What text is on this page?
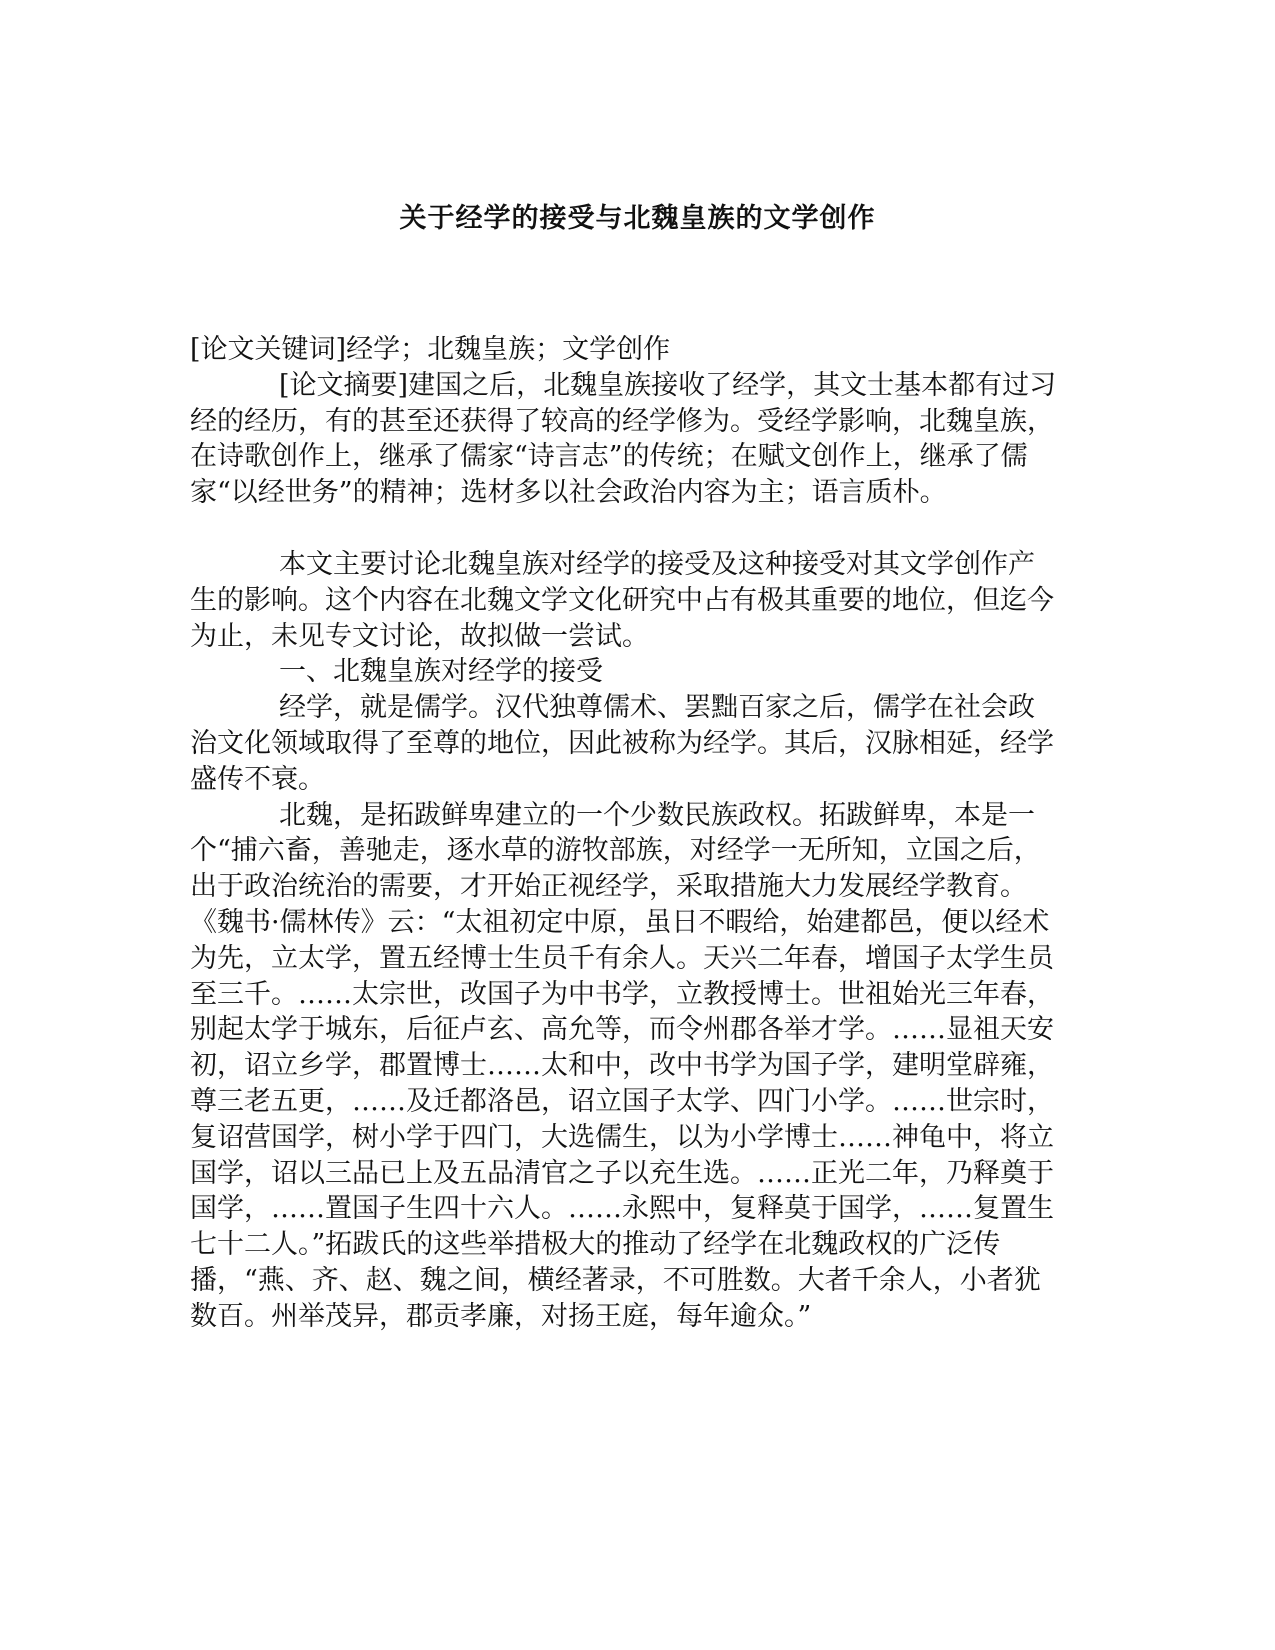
关于经学的接受与北魏皇族的文学创作

[论文关键词]经学；北魏皇族；文学创作

[论文摘要]建国之后，北魏皇族接收了经学，其文士基本都有过习经的经历，有的甚至还获得了较高的经学修为。受经学影响，北魏皇族，在诗歌创作上，继承了儒家“诗言志”的传统；在赋文创作上，继承了儒家“以经世务”的精神；选材多以社会政治内容为主；语言质朴。

本文主要讨论北魏皇族对经学的接受及这种接受对其文学创作产生的影响。这个内容在北魏文学文化研究中占有极其重要的地位，但迄今为止，未见专文讨论，故拟做一尝试。

一、北魏皇族对经学的接受

经学，就是儒学。汉代独尊儒术、罢黜百家之后，儒学在社会政治文化领域取得了至尊的地位，因此被称为经学。其后，汉脉相延，经学盛传不衰。

北魏，是拓跋鲜卑建立的一个少数民族政权。拓跋鲜卑，本是一个“捕六畜，善驰走，逐水草的游牧部族，对经学一无所知，立国之后，出于政治统治的需要，才开始正视经学，采取措施大力发展经学教育。《魏书·儒林传》云：“太祖初定中原，虽日不暇给，始建都邑，便以经术为先，立太学，置五经博士生员千有余人。天兴二年春，增国子太学生员至三千。……太宗世，改国子为中书学，立教授博士。世祖始光三年春，别起太学于城东，后征卢玄、高允等，而令州郡各举才学。……显祖天安初，诏立乡学，郡置博士……太和中，改中书学为国子学，建明堂辟雍，尊三老五更，……及迁都洛邑，诏立国子太学、四门小学。……世宗时，复诏营国学，树小学于四门，大选儒生，以为小学博士……神龟中，将立国学，诏以三品已上及五品清官之子以充生选。……正光二年，乃释奠于国学，……置国子生四十六人。……永熙中，复释莫于国学，……复置生七十二人。”拓跋氏的这些举措极大的推动了经学在北魏政权的广泛传播，“燕、齐、赵、魏之间，横经著录，不可胜数。大者千余人，小者犹数百。州举茂异，郡贡孝廉，对扬王庭，每年逾众。”
